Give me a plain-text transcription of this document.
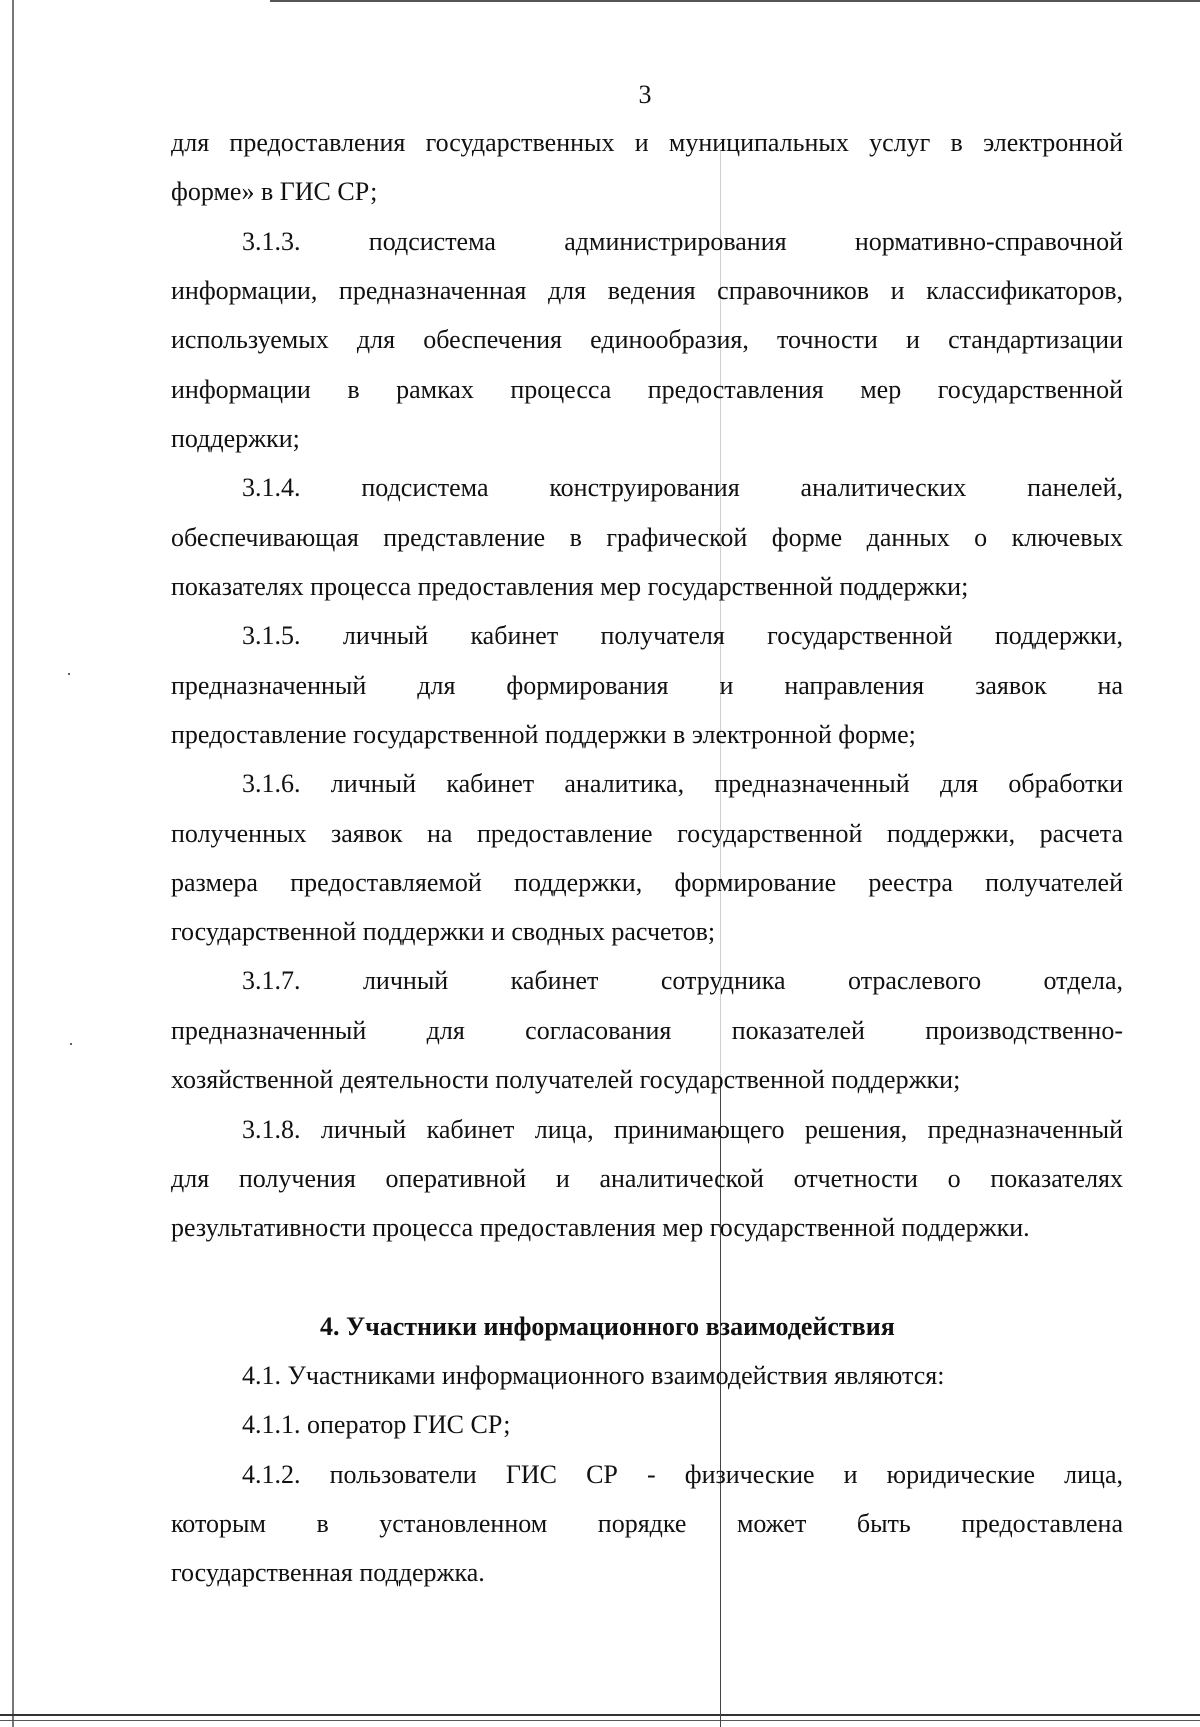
·
·
3
для предоставления государственных и муниципальных услуг в электронной
форме» в ГИС СР;
3.1.3. подсистема администрирования нормативно-справочной
информации, предназначенная для ведения справочников и классификаторов,
используемых для обеспечения единообразия, точности и стандартизации
информации в рамках процесса предоставления мер государственной
поддержки;
3.1.4. подсистема конструирования аналитических панелей,
обеспечивающая представление в графической форме данных о ключевых
показателях процесса предоставления мер государственной поддержки;
3.1.5. личный кабинет получателя государственной поддержки,
предназначенный для формирования и направления заявок на
предоставление государственной поддержки в электронной форме;
3.1.6. личный кабинет аналитика, предназначенный для обработки
полученных заявок на предоставление государственной поддержки, расчета
размера предоставляемой поддержки, формирование реестра получателей
государственной поддержки и сводных расчетов;
3.1.7. личный кабинет сотрудника отраслевого отдела,
предназначенный для согласования показателей производственно-
хозяйственной деятельности получателей государственной поддержки;
3.1.8. личный кабинет лица, принимающего решения, предназначенный
для получения оперативной и аналитической отчетности о показателях
результативности процесса предоставления мер государственной поддержки.
4. Участники информационного взаимодействия
4.1. Участниками информационного взаимодействия являются:
4.1.1. оператор ГИС СР;
4.1.2. пользователи ГИС СР - физические и юридические лица,
которым в установленном порядке может быть предоставлена
государственная поддержка.
